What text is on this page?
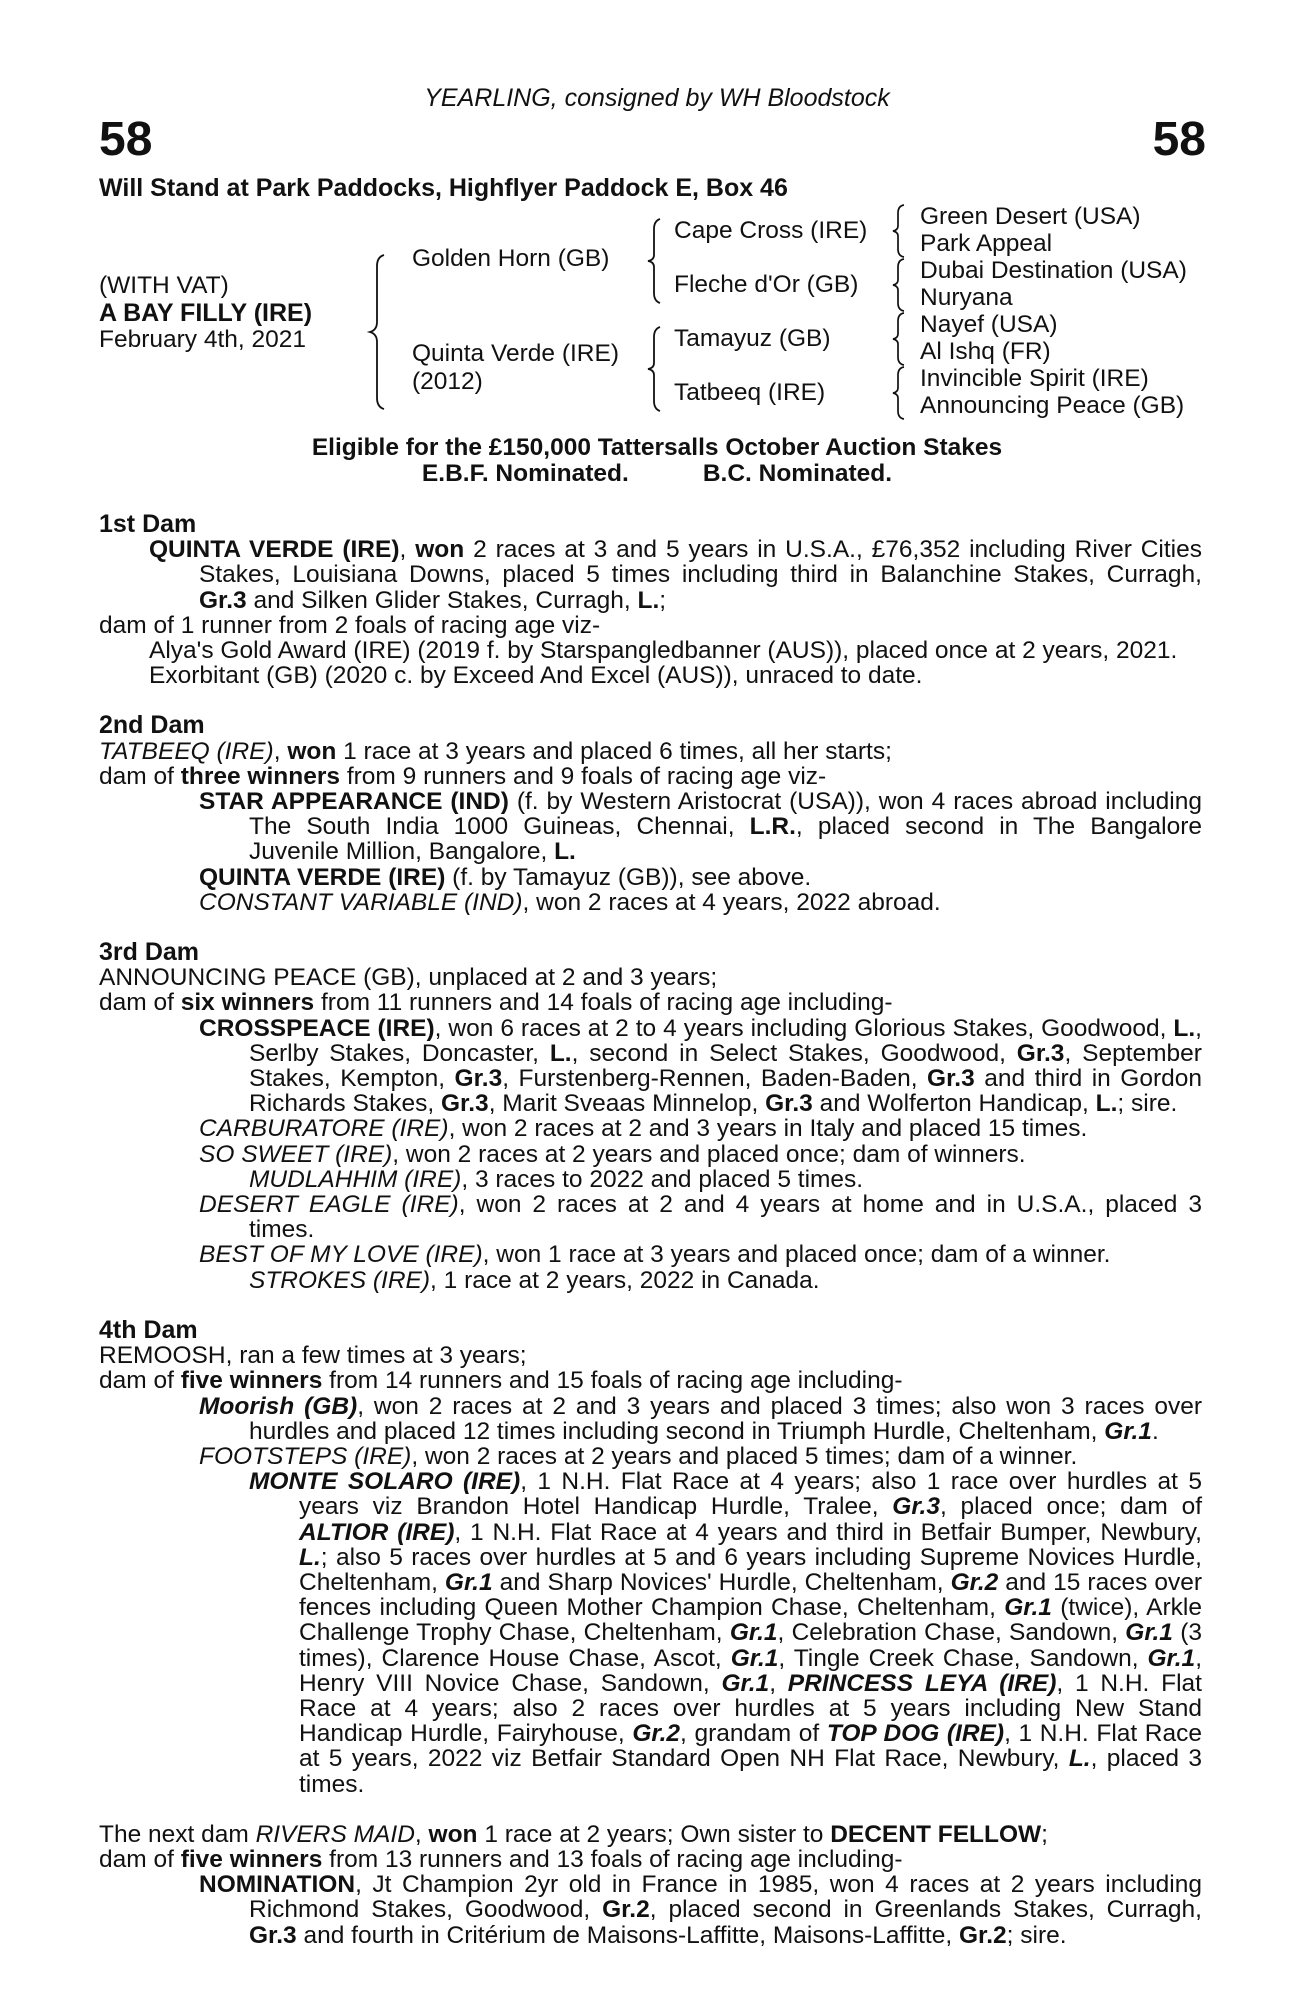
YEARLING, consigned by WH Bloodstock
58	58
Will Stand at Park Paddocks, Highflyer Paddock E, Box 46
(WITH VAT)
A BAY FILLY (IRE)
February 4th, 2021
Golden Horn (GB)
Quinta Verde (IRE)
(2012)
Cape Cross (IRE)
Fleche d'Or (GB)
Tamayuz (GB)
Tatbeeq (IRE)
Green Desert (USA)
Park Appeal
Dubai Destination (USA)
Nuryana
Nayef (USA)
Al Ishq (FR)
Invincible Spirit (IRE)
Announcing Peace (GB)
Eligible for the £150,000 Tattersalls October Auction Stakes
E.B.F. Nominated.	B.C. Nominated.

1st Dam

QUINTA VERDE (IRE), won 2 races at 3 and 5 years in U.S.A., £76,352 including River Cities Stakes, Louisiana Downs, placed 5 times including third in Balanchine Stakes, Curragh, Gr.3 and Silken Glider Stakes, Curragh, L.;

dam of 1 runner from 2 foals of racing age viz-

Alya's Gold Award (IRE) (2019 f. by Starspangledbanner (AUS)), placed once at 2 years, 2021.

Exorbitant (GB) (2020 c. by Exceed And Excel (AUS)), unraced to date.

2nd Dam

TATBEEQ (IRE), won 1 race at 3 years and placed 6 times, all her starts;

dam of three winners from 9 runners and 9 foals of racing age viz-

STAR APPEARANCE (IND) (f. by Western Aristocrat (USA)), won 4 races abroad including The South India 1000 Guineas, Chennai, L.R., placed second in The Bangalore Juvenile Million, Bangalore, L.

QUINTA VERDE (IRE) (f. by Tamayuz (GB)), see above.

CONSTANT VARIABLE (IND), won 2 races at 4 years, 2022 abroad.

3rd Dam

ANNOUNCING PEACE (GB), unplaced at 2 and 3 years;

dam of six winners from 11 runners and 14 foals of racing age including-

CROSSPEACE (IRE), won 6 races at 2 to 4 years including Glorious Stakes, Goodwood, L., Serlby Stakes, Doncaster, L., second in Select Stakes, Goodwood, Gr.3, September Stakes, Kempton, Gr.3, Furstenberg-Rennen, Baden-Baden, Gr.3 and third in Gordon Richards Stakes, Gr.3, Marit Sveaas Minnelop, Gr.3 and Wolferton Handicap, L.; sire.

CARBURATORE (IRE), won 2 races at 2 and 3 years in Italy and placed 15 times.

SO SWEET (IRE), won 2 races at 2 years and placed once; dam of winners.

MUDLAHHIM (IRE), 3 races to 2022 and placed 5 times.

DESERT EAGLE (IRE), won 2 races at 2 and 4 years at home and in U.S.A., placed 3 times.

BEST OF MY LOVE (IRE), won 1 race at 3 years and placed once; dam of a winner.

STROKES (IRE), 1 race at 2 years, 2022 in Canada.

4th Dam

REMOOSH, ran a few times at 3 years;

dam of five winners from 14 runners and 15 foals of racing age including-

Moorish (GB), won 2 races at 2 and 3 years and placed 3 times; also won 3 races over hurdles and placed 12 times including second in Triumph Hurdle, Cheltenham, Gr.1.

FOOTSTEPS (IRE), won 2 races at 2 years and placed 5 times; dam of a winner.

MONTE SOLARO (IRE), 1 N.H. Flat Race at 4 years; also 1 race over hurdles at 5 years viz Brandon Hotel Handicap Hurdle, Tralee, Gr.3, placed once; dam of ALTIOR (IRE), 1 N.H. Flat Race at 4 years and third in Betfair Bumper, Newbury, L.; also 5 races over hurdles at 5 and 6 years including Supreme Novices Hurdle, Cheltenham, Gr.1 and Sharp Novices' Hurdle, Cheltenham, Gr.2 and 15 races over fences including Queen Mother Champion Chase, Cheltenham, Gr.1 (twice), Arkle Challenge Trophy Chase, Cheltenham, Gr.1, Celebration Chase, Sandown, Gr.1 (3 times), Clarence House Chase, Ascot, Gr.1, Tingle Creek Chase, Sandown, Gr.1, Henry VIII Novice Chase, Sandown, Gr.1, PRINCESS LEYA (IRE), 1 N.H. Flat Race at 4 years; also 2 races over hurdles at 5 years including New Stand Handicap Hurdle, Fairyhouse, Gr.2, grandam of TOP DOG (IRE), 1 N.H. Flat Race at 5 years, 2022 viz Betfair Standard Open NH Flat Race, Newbury, L., placed 3 times.

The next dam RIVERS MAID, won 1 race at 2 years; Own sister to DECENT FELLOW;

dam of five winners from 13 runners and 13 foals of racing age including-

NOMINATION, Jt Champion 2yr old in France in 1985, won 4 races at 2 years including Richmond Stakes, Goodwood, Gr.2, placed second in Greenlands Stakes, Curragh, Gr.3 and fourth in Critérium de Maisons-Laffitte, Maisons-Laffitte, Gr.2; sire.
